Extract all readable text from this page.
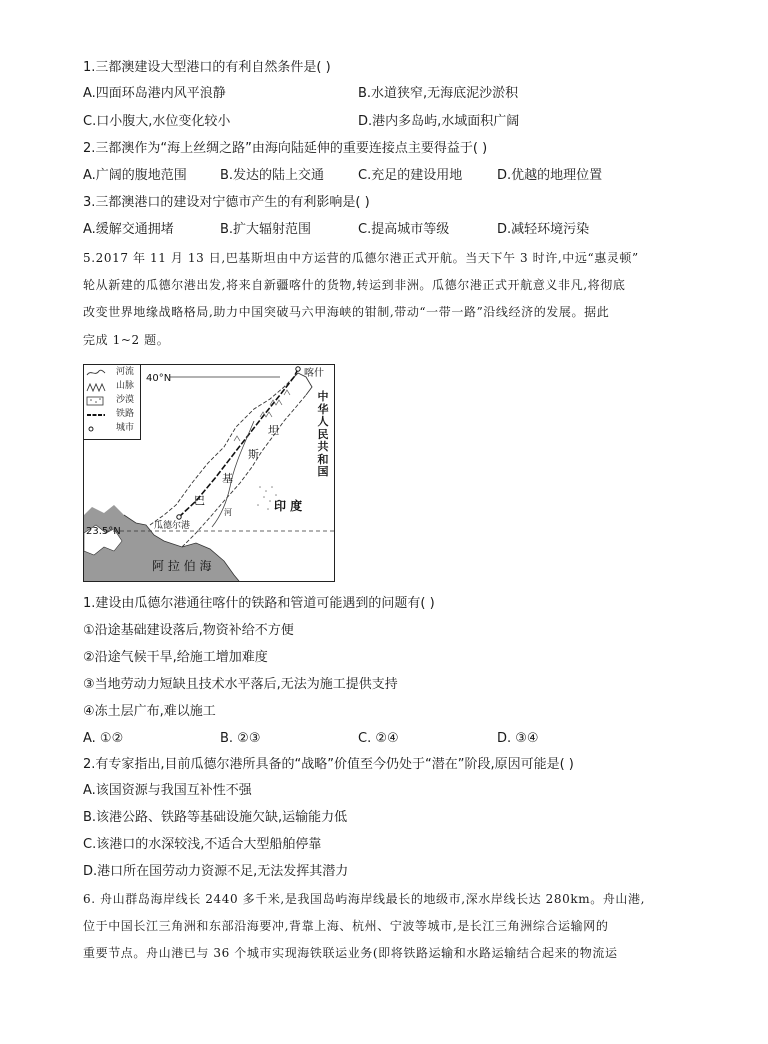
1.三都澳建设大型港口的有利自然条件是( )
A.四面环岛港内风平浪静	B.水道狭窄,无海底泥沙淤积
C.口小腹大,水位变化较小	D.港内多岛屿,水域面积广阔
2.三都澳作为“海上丝绸之路”由海向陆延伸的重要连接点主要得益于( )
A.广阔的腹地范围	B.发达的陆上交通	C.充足的建设用地	D.优越的地理位置
3.三都澳港口的建设对宁德市产生的有利影响是( )
A.缓解交通拥堵	B.扩大辐射范围	C.提高城市等级	D.减轻环境污染
5.2017 年 11 月 13 日,巴基斯坦由中方运营的瓜德尔港正式开航。当天下午 3 时许,中远“惠灵顿”
轮从新建的瓜德尔港出发,将来自新疆喀什的货物,转运到非洲。瓜德尔港正式开航意义非凡,将彻底
改变世界地缘战略格局,助力中国突破马六甲海峡的钳制,带动“一带一路”沿线经济的发展。据此
完成 1~2 题。
河流
山脉
沙漠
铁路
城市
40°N
23.5°N
喀什
瓜德尔港
中华人民共和国
巴
基
斯
坦
印 度
阿 拉 伯 海
河
1.建设由瓜德尔港通往喀什的铁路和管道可能遇到的问题有( )
①沿途基础建设落后,物资补给不方便
②沿途气候干旱,给施工增加难度
③当地劳动力短缺且技术水平落后,无法为施工提供支持
④冻土层广布,难以施工
A. ①②	B. ②③	C. ②④	D. ③④
2.有专家指出,目前瓜德尔港所具备的“战略”价值至今仍处于“潜在”阶段,原因可能是( )
A.该国资源与我国互补性不强
B.该港公路、铁路等基础设施欠缺,运输能力低
C.该港口的水深较浅,不适合大型船舶停靠
D.港口所在国劳动力资源不足,无法发挥其潜力
6. 舟山群岛海岸线长 2440 多千米,是我国岛屿海岸线最长的地级市,深水岸线长达 280km。舟山港,
位于中国长江三角洲和东部沿海要冲,背靠上海、杭州、宁波等城市,是长江三角洲综合运输网的
重要节点。舟山港已与 36 个城市实现海铁联运业务(即将铁路运输和水路运输结合起来的物流运
